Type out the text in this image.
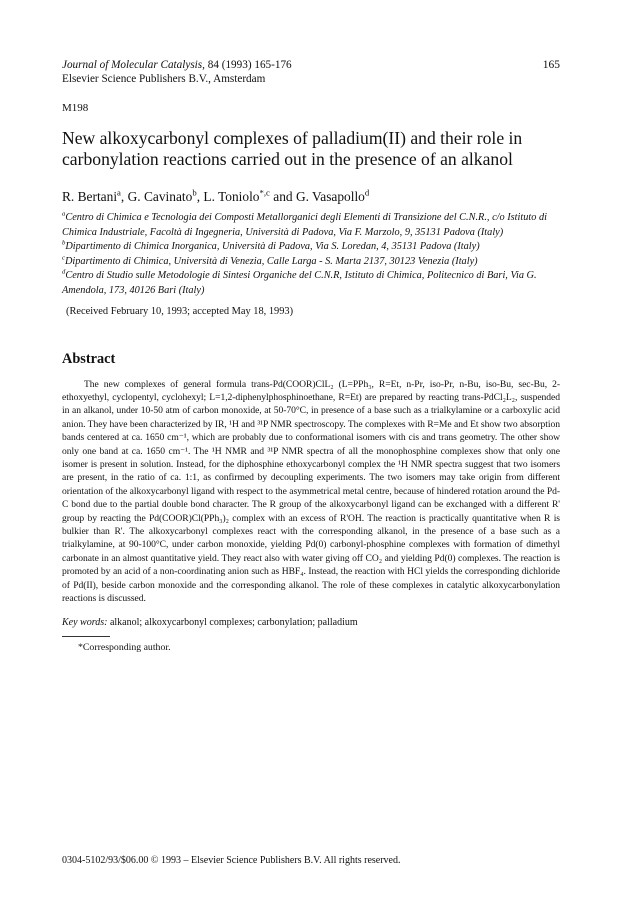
Journal of Molecular Catalysis, 84 (1993) 165-176
Elsevier Science Publishers B.V., Amsterdam
165
M198
New alkoxycarbonyl complexes of palladium(II) and their role in
carbonylation reactions carried out in the presence of an alkanol
R. Bertani$^a$, G. Cavinato$^b$, L. Toniolo$^{*,c}$ and G. Vasapollo$^d$
$^a$Centro di Chimica e Tecnologia dei Composti Metallorganici degli Elementi di Transizione del C.N.R., c/o Istituto di Chimica Industriale, Facoltà di Ingegneria, Università di Padova, Via F. Marzolo, 9, 35131 Padova (Italy)
$^b$Dipartimento di Chimica Inorganica, Università di Padova, Via S. Loredan, 4, 35131 Padova (Italy)
$^c$Dipartimento di Chimica, Università di Venezia, Calle Larga - S. Marta 2137, 30123 Venezia (Italy)
$^d$Centro di Studio sulle Metodologie di Sintesi Organiche del C.N.R, Istituto di Chimica, Politecnico di Bari, Via G. Amendola, 173, 40126 Bari (Italy)
(Received February 10, 1993; accepted May 18, 1993)
Abstract
The new complexes of general formula trans-Pd(COOR)ClL₂ (L=PPh₃, R=Et, n-Pr, iso-Pr, n-Bu, iso-Bu, sec-Bu, 2-ethoxyethyl, cyclopentyl, cyclohexyl; L=1,2-diphenylphosphinoethane, R=Et) are prepared by reacting trans-PdCl₂L₂, suspended in an alkanol, under 10-50 atm of carbon monoxide, at 50-70°C, in presence of a base such as a trialkylamine or a carboxylic acid anion. They have been characterized by IR, ¹H and ³¹P NMR spectroscopy. The complexes with R=Me and Et show two absorption bands centered at ca. 1650 cm⁻¹, which are probably due to conformational isomers with cis and trans geometry. The other show only one band at ca. 1650 cm⁻¹. The ¹H NMR and ³¹P NMR spectra of all the monophosphine complexes show that only one isomer is present in solution. Instead, for the diphosphine ethoxycarbonyl complex the ¹H NMR spectra suggest that two isomers are present, in the ratio of ca. 1:1, as confirmed by decoupling experiments. The two isomers may take origin from different orientation of the alkoxycarbonyl ligand with respect to the asymmetrical metal centre, because of hindered rotation around the Pd-C bond due to the partial double bond character. The R group of the alkoxycarbonyl ligand can be exchanged with a different R' group by reacting the Pd(COOR)Cl(PPh₃)₂ complex with an excess of R'OH. The reaction is practically quantitative when R is bulkier than R'. The alkoxycarbonyl complexes react with the corresponding alkanol, in the presence of a base such as a trialkylamine, at 90-100°C, under carbon monoxide, yielding Pd(0) carbonyl-phosphine complexes with formation of dimethyl carbonate in an almost quantitative yield. They react also with water giving off CO₂ and yielding Pd(0) complexes. The reaction is promoted by an acid of a non-coordinating anion such as HBF₄. Instead, the reaction with HCl yields the corresponding dichloride of Pd(II), beside carbon monoxide and the corresponding alkanol. The role of these complexes in catalytic alkoxycarbonylation reactions is discussed.
Key words: alkanol; alkoxycarbonyl complexes; carbonylation; palladium
*Corresponding author.
0304-5102/93/$06.00 © 1993 – Elsevier Science Publishers B.V. All rights reserved.
